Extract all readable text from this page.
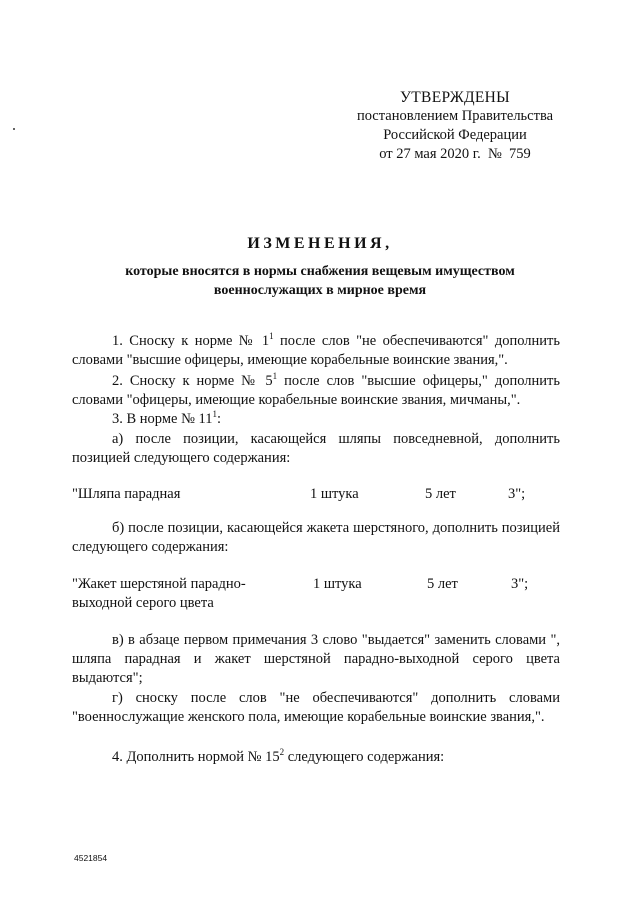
УТВЕРЖДЕНЫ
постановлением Правительства
Российской Федерации
от 27 мая 2020 г.  №  759
ИЗМЕНЕНИЯ,
которые вносятся в нормы снабжения вещевым имуществом
военнослужащих в мирное время

1. Сноску к норме № $1^1$ после слов "не обеспечиваются" дополнить словами "высшие офицеры, имеющие корабельные воинские звания,".

2. Сноску к норме № $5^1$ после слов "высшие офицеры," дополнить словами "офицеры, имеющие корабельные воинские звания, мичманы,".

3. В норме № $11^1$:

а) после позиции, касающейся шляпы повседневной, дополнить позицией следующего содержания:

"Шляпа парадная	1 штука	5 лет	3";

б) после позиции, касающейся жакета шерстяного, дополнить позицией следующего содержания:

"Жакет шерстяной парадно-
выходной серого цвета
1 штука	5 лет	3";

в) в абзаце первом примечания 3 слово "выдается" заменить словами ", шляпа парадная и жакет шерстяной парадно-выходной серого цвета выдаются";

г) сноску после слов "не обеспечиваются" дополнить словами "военнослужащие женского пола, имеющие корабельные воинские звания,".

4. Дополнить нормой № $15^2$ следующего содержания:

4521854
